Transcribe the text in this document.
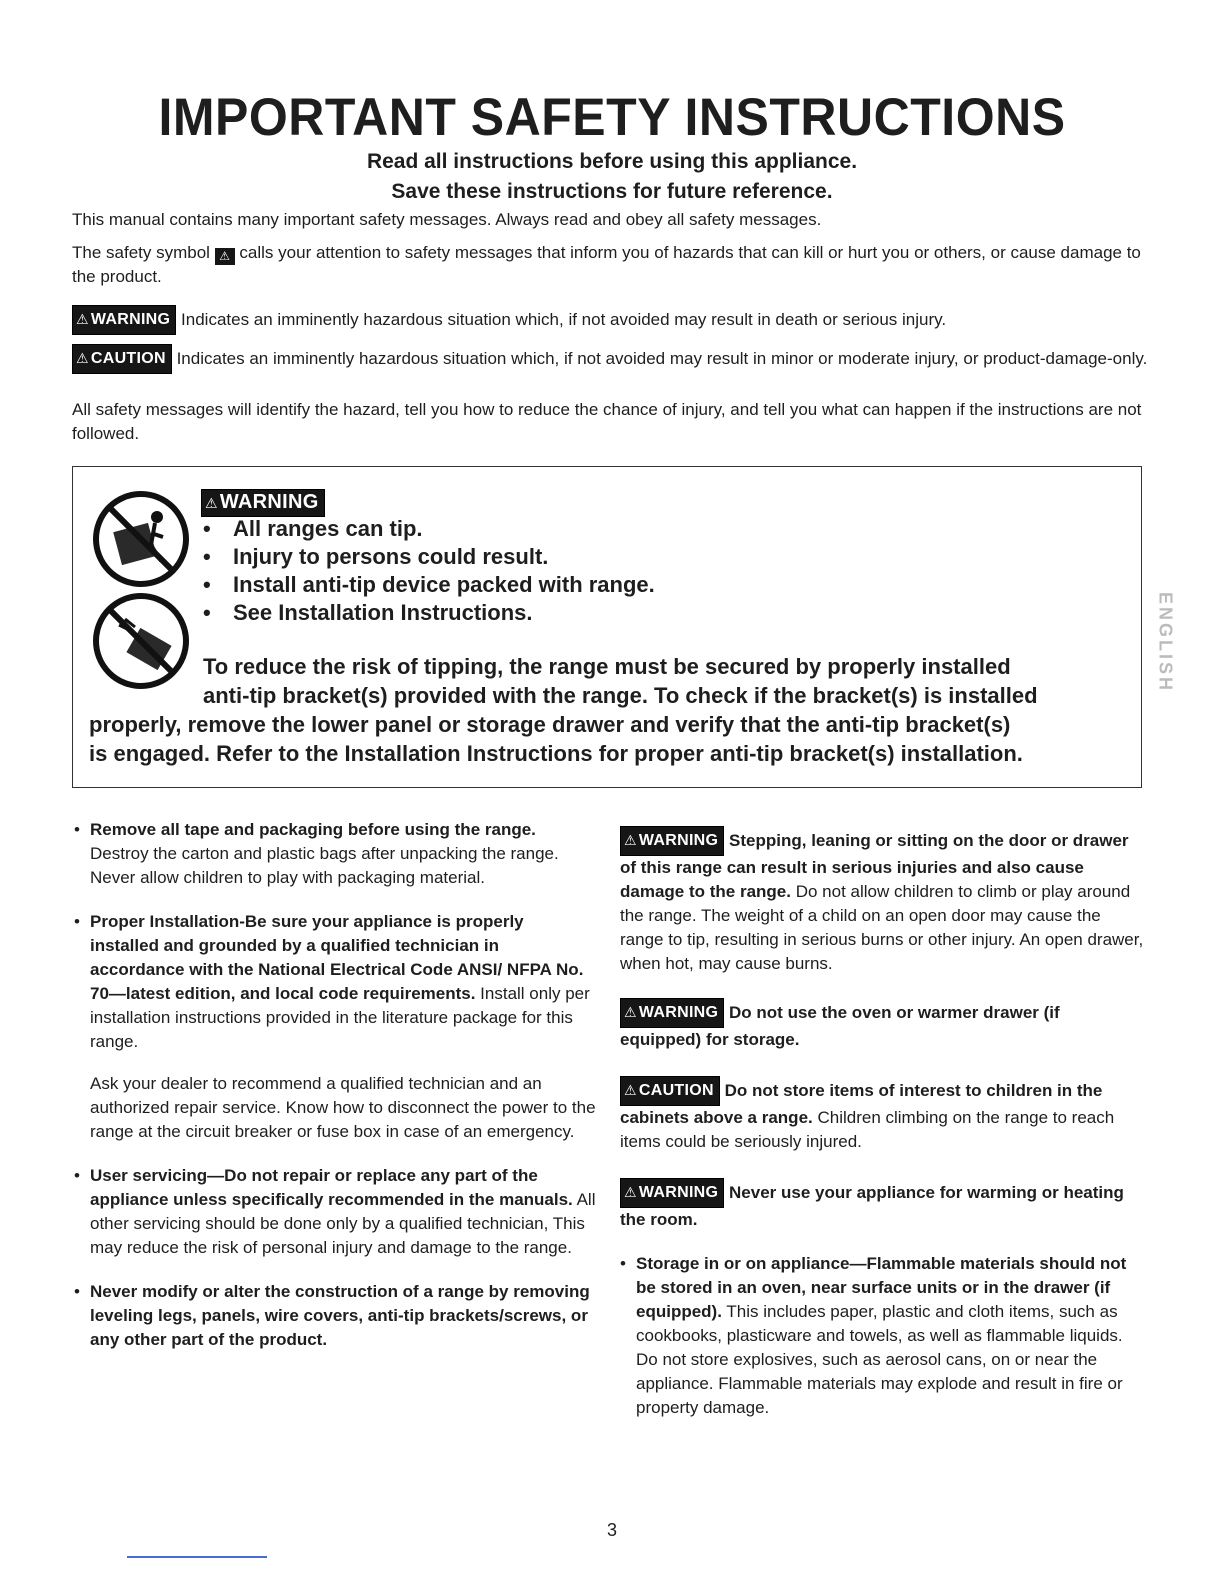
IMPORTANT SAFETY INSTRUCTIONS
Read all instructions before using this appliance.
Save these instructions for future reference.
This manual contains many important safety messages. Always read and obey all safety messages.
The safety symbol ⚠ calls your attention to safety messages that inform you of hazards that can kill or hurt you or others, or cause damage to the product.
⚠ WARNING Indicates an imminently hazardous situation which, if not avoided may result in death or serious injury.
⚠ CAUTION Indicates an imminently hazardous situation which, if not avoided may result in minor or moderate injury, or product-damage-only.
All safety messages will identify the hazard, tell you how to reduce the chance of injury, and tell you what can happen if the instructions are not followed.
⚠ WARNING
• All ranges can tip.
• Injury to persons could result.
• Install anti-tip device packed with range.
• See Installation Instructions.
To reduce the risk of tipping, the range must be secured by properly installed
anti-tip bracket(s) provided with the range. To check if the bracket(s) is installed
properly, remove the lower panel or storage drawer and verify that the anti-tip bracket(s)
is engaged. Refer to the Installation Instructions for proper anti-tip bracket(s) installation.
ENGLISH
• Remove all tape and packaging before using the range. Destroy the carton and plastic bags after unpacking the range. Never allow children to play with packaging material.
• Proper Installation-Be sure your appliance is properly installed and grounded by a qualified technician in accordance with the National Electrical Code ANSI/ NFPA No. 70—latest edition, and local code requirements. Install only per installation instructions provided in the literature package for this range.
Ask your dealer to recommend a qualified technician and an authorized repair service. Know how to disconnect the power to the range at the circuit breaker or fuse box in case of an emergency.
• User servicing—Do not repair or replace any part of the appliance unless specifically recommended in the manuals. All other servicing should be done only by a qualified technician, This may reduce the risk of personal injury and damage to the range.
• Never modify or alter the construction of a range by removing leveling legs, panels, wire covers, anti-tip brackets/screws, or any other part of the product.
⚠ WARNING Stepping, leaning or sitting on the door or drawer of this range can result in serious injuries and also cause damage to the range. Do not allow children to climb or play around the range. The weight of a child on an open door may cause the range to tip, resulting in serious burns or other injury. An open drawer, when hot, may cause burns.
⚠ WARNING Do not use the oven or warmer drawer (if equipped) for storage.
⚠ CAUTION Do not store items of interest to children in the cabinets above a range. Children climbing on the range to reach items could be seriously injured.
⚠ WARNING Never use your appliance for warming or heating the room.
• Storage in or on appliance—Flammable materials should not be stored in an oven, near surface units or in the drawer (if equipped). This includes paper, plastic and cloth items, such as cookbooks, plasticware and towels, as well as flammable liquids. Do not store explosives, such as aerosol cans, on or near the appliance. Flammable materials may explode and result in fire or property damage.
3
